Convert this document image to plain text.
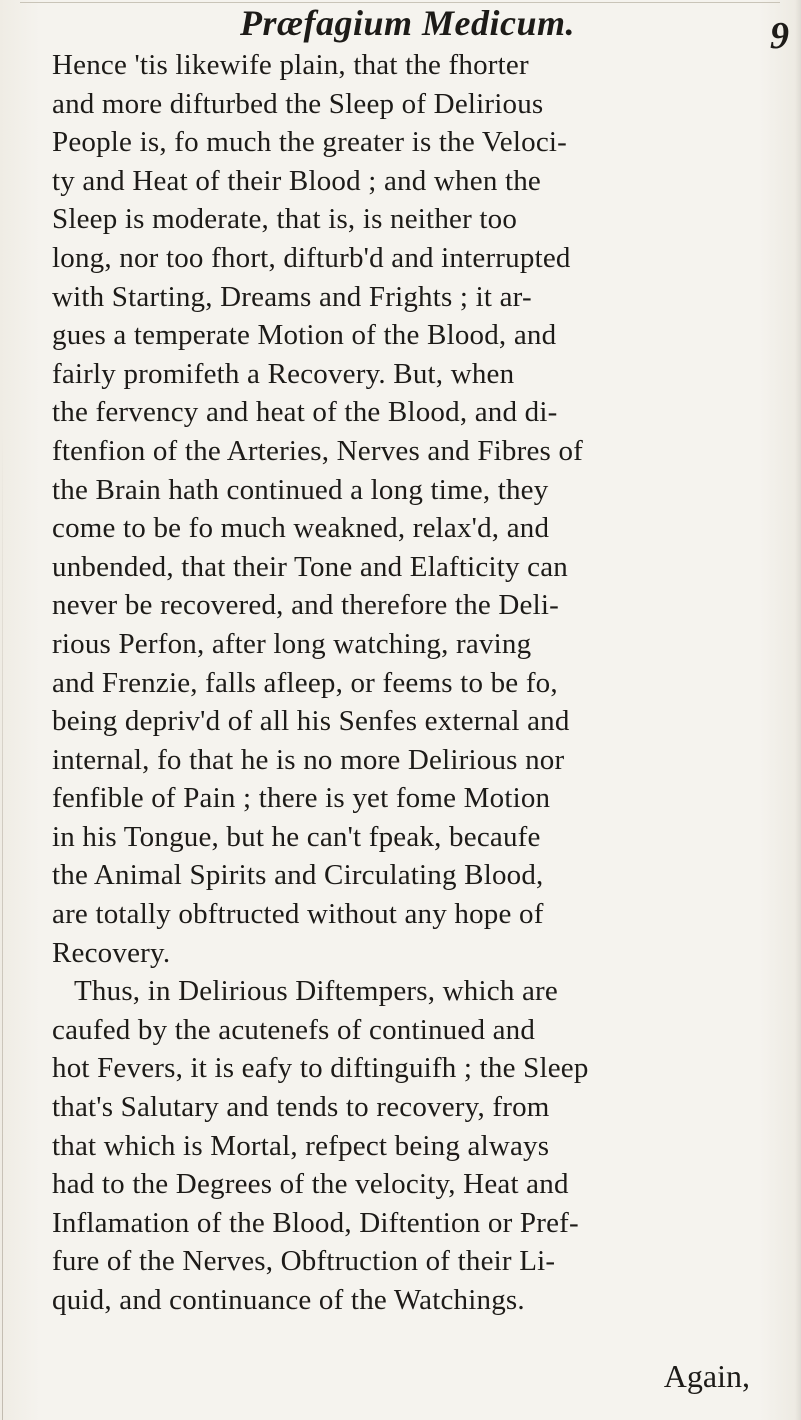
Præfagium Medicum.	9
Hence 'tis likewife plain, that the fhorter
and more difturbed the Sleep of Delirious
People is, fo much the greater is the Veloci-
ty and Heat of their Blood ; and when the
Sleep is moderate, that is, is neither too
long, nor too fhort, difturb'd and interrupted
with Starting, Dreams and Frights ; it ar-
gues a temperate Motion of the Blood, and
fairly promifeth a Recovery. But, when
the fervency and heat of the Blood, and di-
ftenfion of the Arteries, Nerves and Fibres of
the Brain hath continued a long time, they
come to be fo much weakned, relax'd, and
unbended, that their Tone and Elafticity can
never be recovered, and therefore the Deli-
rious Perfon, after long watching, raving
and Frenzie, falls afleep, or feems to be fo,
being depriv'd of all his Senfes external and
internal, fo that he is no more Delirious nor
fenfible of Pain ; there is yet fome Motion
in his Tongue, but he can't fpeak, becaufe
the Animal Spirits and Circulating Blood,
are totally obftructed without any hope of
Recovery.
Thus, in Delirious Diftempers, which are
caufed by the acutenefs of continued and
hot Fevers, it is eafy to diftinguifh ; the Sleep
that's Salutary and tends to recovery, from
that which is Mortal, refpect being always
had to the Degrees of the velocity, Heat and
Inflamation of the Blood, Diftention or Pref-
fure of the Nerves, Obftruction of their Li-
quid, and continuance of the Watchings.
Again,
